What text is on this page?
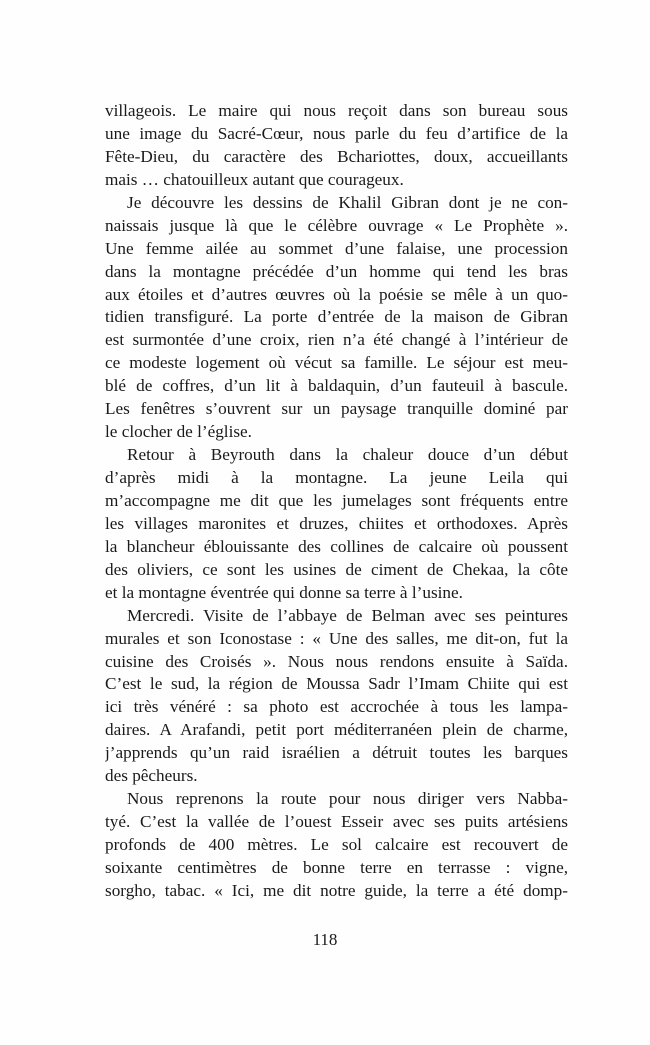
villageois. Le maire qui nous reçoit dans son bureau sous
une image du Sacré-Cœur, nous parle du feu d’artifice de la
Fête-Dieu, du caractère des Bchariottes, doux, accueillants
mais … chatouilleux autant que courageux.
Je découvre les dessins de Khalil Gibran dont je ne con-
naissais jusque là que le célèbre ouvrage « Le Prophète ».
Une femme ailée au sommet d’une falaise, une procession
dans la montagne précédée d’un homme qui tend les bras
aux étoiles et d’autres œuvres où la poésie se mêle à un quo-
tidien transfiguré. La porte d’entrée de la maison de Gibran
est surmontée d’une croix, rien n’a été changé à l’intérieur de
ce modeste logement où vécut sa famille. Le séjour est meu-
blé de coffres, d’un lit à baldaquin, d’un fauteuil à bascule.
Les fenêtres s’ouvrent sur un paysage tranquille dominé par
le clocher de l’église.
Retour à Beyrouth dans la chaleur douce d’un début
d’après midi à la montagne. La jeune Leila qui
m’accompagne me dit que les jumelages sont fréquents entre
les villages maronites et druzes, chiites et orthodoxes. Après
la blancheur éblouissante des collines de calcaire où poussent
des oliviers, ce sont les usines de ciment de Chekaa, la côte
et la montagne éventrée qui donne sa terre à l’usine.
Mercredi. Visite de l’abbaye de Belman avec ses peintures
murales et son Iconostase : « Une des salles, me dit-on, fut la
cuisine des Croisés ». Nous nous rendons ensuite à Saïda.
C’est le sud, la région de Moussa Sadr l’Imam Chiite qui est
ici très vénéré : sa photo est accrochée à tous les lampa-
daires. A Arafandi, petit port méditerranéen plein de charme,
j’apprends qu’un raid israélien a détruit toutes les barques
des pêcheurs.
Nous reprenons la route pour nous diriger vers Nabba-
tyé. C’est la vallée de l’ouest Esseir avec ses puits artésiens
profonds de 400 mètres. Le sol calcaire est recouvert de
soixante centimètres de bonne terre en terrasse : vigne,
sorgho, tabac. « Ici, me dit notre guide, la terre a été domp-
118
